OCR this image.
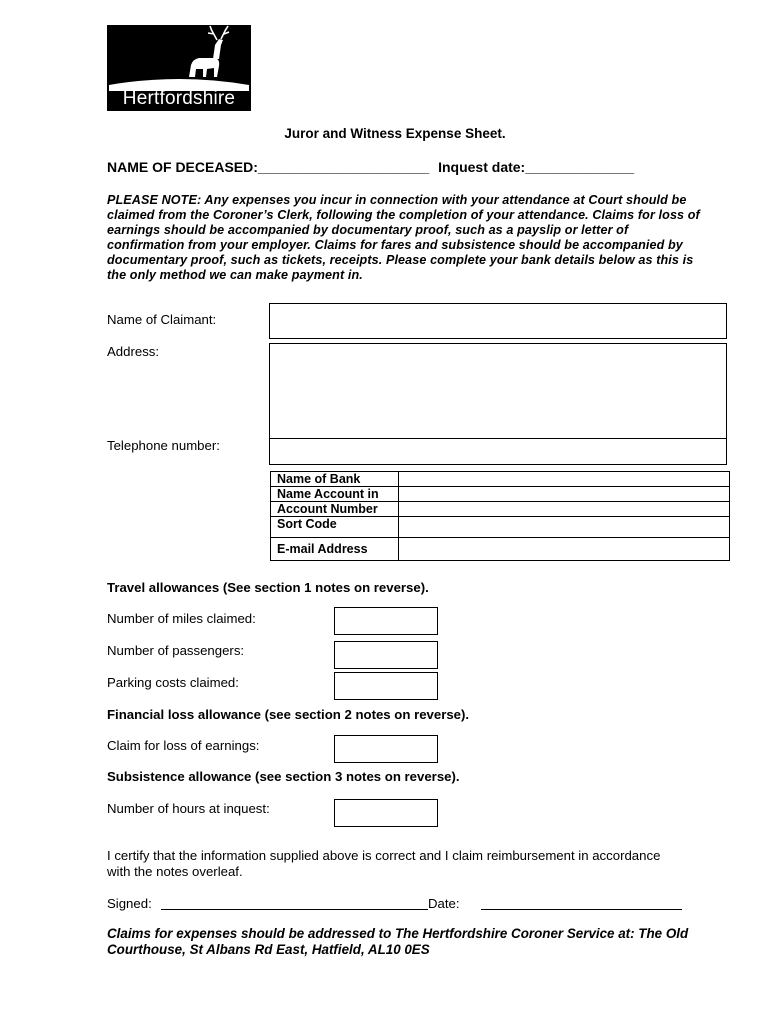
Hertfordshire
Juror and Witness Expense Sheet.
NAME OF DECEASED:______________________ Inquest date:______________
PLEASE NOTE: Any expenses you incur in connection with your attendance at Court should be claimed from the Coroner’s Clerk, following the completion of your attendance. Claims for loss of earnings should be accompanied by documentary proof, such as a payslip or letter of confirmation from your employer. Claims for fares and subsistence should be accompanied by documentary proof, such as tickets, receipts. Please complete your bank details below as this is the only method we can make payment in.
Name of Claimant:
Address:
Telephone number:
Name of Bank	
Name Account in	
Account Number	
Sort Code	
E-mail Address	
Travel allowances (See section 1 notes on reverse).
Number of miles claimed:
Number of passengers:
Parking costs claimed:
Financial loss allowance (see section 2 notes on reverse).
Claim for loss of earnings:
Subsistence allowance (see section 3 notes on reverse).
Number of hours at inquest:
I certify that the information supplied above is correct and I claim reimbursement in accordance with the notes overleaf.
Signed:	Date:
Claims for expenses should be addressed to The Hertfordshire Coroner Service at: The Old Courthouse, St Albans Rd East, Hatfield, AL10 0ES
